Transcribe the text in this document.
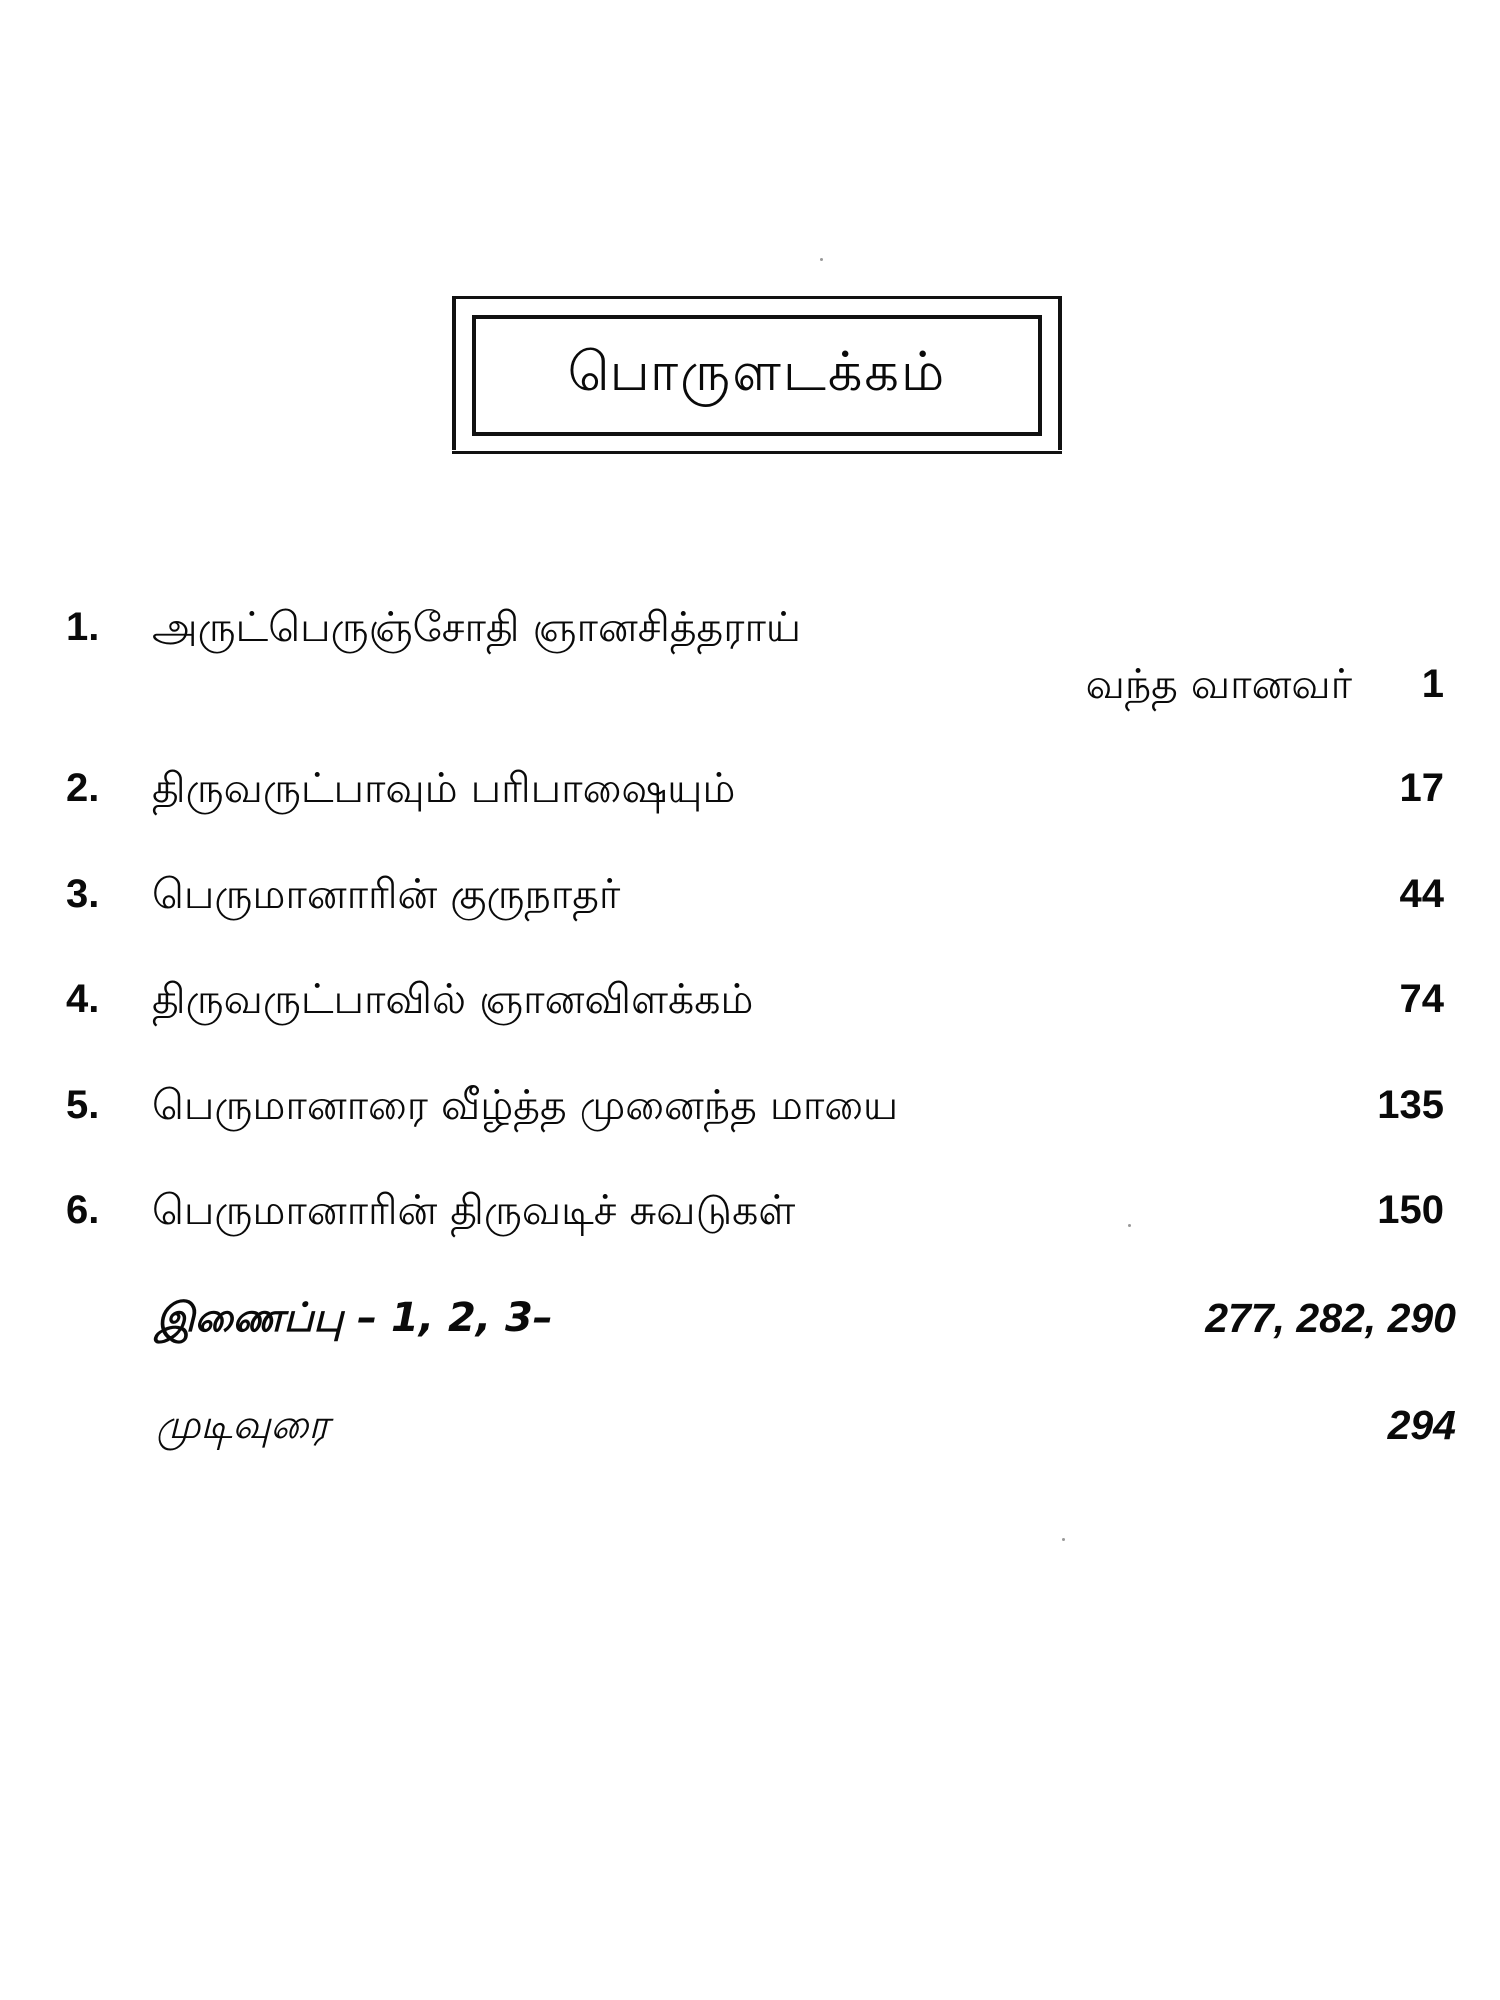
பொருளடக்கம்
1. அருட்பெருஞ்சோதி ஞானசித்தராய்
வந்த வானவர் 1
2. திருவருட்பாவும் பரிபாஷையும்	17
3. பெருமானாரின் குருநாதர்	44
4. திருவருட்பாவில் ஞானவிளக்கம்	74
5. பெருமானாரை வீழ்த்த முனைந்த மாயை	135
6. பெருமானாரின் திருவடிச் சுவடுகள்	150
இணைப்பு – 1, 2, 3–	277, 282, 290
முடிவுரை	294
